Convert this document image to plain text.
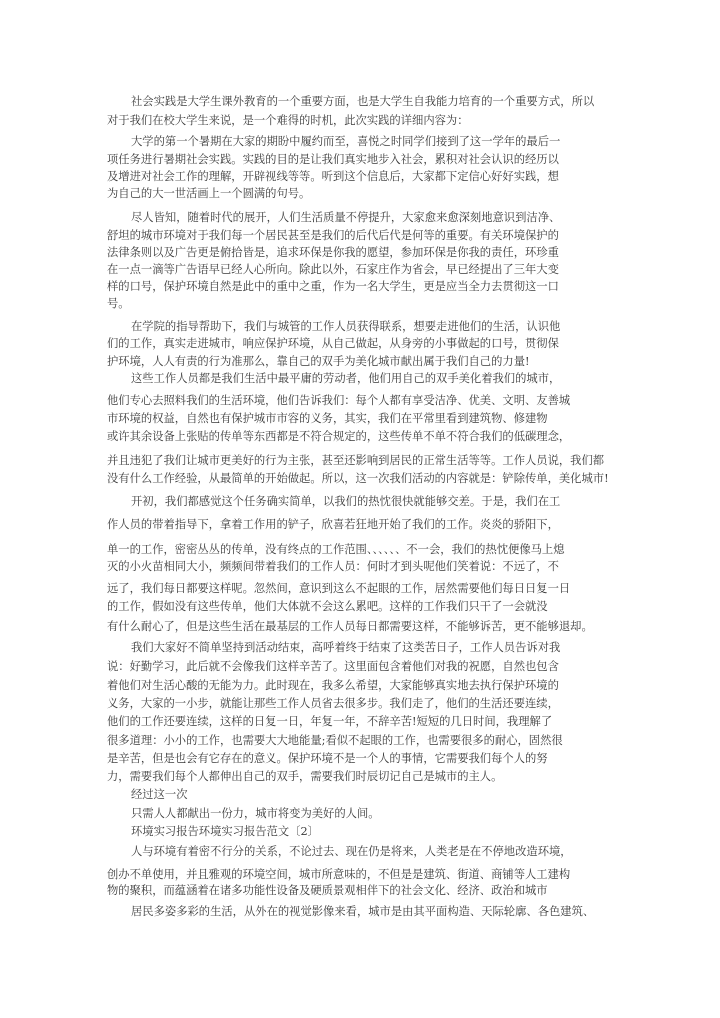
社会实践是大学生课外教育的一个重要方面，也是大学生自我能力培育的一个重要方式，所以
对于我们在校大学生来说，是一个难得的时机，此次实践的详细内容为：
大学的第一个暑期在大家的期盼中履约而至，喜悦之时同学们接到了这一学年的最后一
项任务进行暑期社会实践。实践的目的是让我们真实地步入社会，累积对社会认识的经历以
及增进对社会工作的理解，开辟视线等等。听到这个信息后，大家都下定信心好好实践，想
为自己的大一世活画上一个圆满的句号。
尽人皆知，随着时代的展开，人们生活质量不停提升，大家愈来愈深刻地意识到洁净、
舒坦的城市环境对于我们每一个居民甚至是我们的后代后代是何等的重要。有关环境保护的
法律条则以及广告更是俯拾皆是，追求环保是你我的愿望，参加环保是你我的责任，环珍重
在一点一滴等广告语早已经人心所向。除此以外，石家庄作为省会，早已经提出了三年大变
样的口号，保护环境自然是此中的重中之重，作为一名大学生，更是应当全力去贯彻这一口
号。
在学院的指导帮助下，我们与城管的工作人员获得联系，想要走进他们的生活，认识他
们的工作，真实走进城市，响应保护环境，从自己做起，从身旁的小事做起的口号，贯彻保
护环境，人人有责的行为准那么，靠自己的双手为美化城市献出属于我们自己的力量!
这些工作人员都是我们生活中最平庸的劳动者，他们用自己的双手美化着我们的城市，
他们专心去照料我们的生活环境，他们告诉我们：每个人都有享受洁净、优美、文明、友善城
市环境的权益，自然也有保护城市市容的义务，其实，我们在平常里看到建筑物、修建物
或许其余设备上张贴的传单等东西都是不符合规定的，这些传单不单不符合我们的低碳理念，
并且违犯了我们让城市更美好的行为主张，甚至还影响到居民的正常生活等等。工作人员说，我们都
没有什么工作经验，从最简单的开始做起。所以，这一次我们活动的内容就是：铲除传单，美化城市!
开初，我们都感觉这个任务确实简单，以我们的热忱很快就能够交差。于是，我们在工
作人员的带着指导下，拿着工作用的铲子，欣喜若狂地开始了我们的工作。炎炎的骄阳下，
单一的工作，密密丛丛的传单，没有终点的工作范围、、、、、、不一会，我们的热忱便像马上熄
灭的小火苗相同大小，频频间带着我们的工作人员：何时才到头呢他们笑着说：不远了，不
远了，我们每日都要这样呢。忽然间，意识到这么不起眼的工作，居然需要他们每日日复一日
的工作，假如没有这些传单，他们大体就不会这么累吧。这样的工作我们只干了一会就没
有什么耐心了，但是这些生活在最基层的工作人员每日都需要这样，不能够诉苦，更不能够退却。
我们大家好不简单坚持到活动结束，高呼着终于结束了这类苦日子，工作人员告诉对我
说：好勤学习，此后就不会像我们这样辛苦了。这里面包含着他们对我的祝愿，自然也包含
着他们对生活心酸的无能为力。此时现在，我多么希望，大家能够真实地去执行保护环境的
义务，大家的一小步，就能让那些工作人员省去很多步。我们走了，他们的生活还要连续，
他们的工作还要连续，这样的日复一日，年复一年，不辞辛苦!短短的几日时间，我理解了
很多道理：小小的工作，也需要大大地能量;看似不起眼的工作，也需要很多的耐心，固然很
是辛苦，但是也会有它存在的意义。保护环境不是一个人的事情，它需要我们每个人的努
力，需要我们每个人都伸出自己的双手，需要我们时辰切记自己是城市的主人。
经过这一次
只需人人都献出一份力，城市将变为美好的人间。
环境实习报告环境实习报告范文〔2〕
人与环境有着密不行分的关系，不论过去、现在仍是将来，人类老是在不停地改造环境，
创办不单使用，并且雅观的环境空间，城市所意味的，不但是是建筑、街道、商铺等人工建构
物的聚积，而蕴涵着在诸多功能性设备及硬质景观相伴下的社会文化、经济、政治和城市
居民多姿多彩的生活，从外在的视觉影像来看，城市是由其平面构造、天际轮廓、各色建筑、
